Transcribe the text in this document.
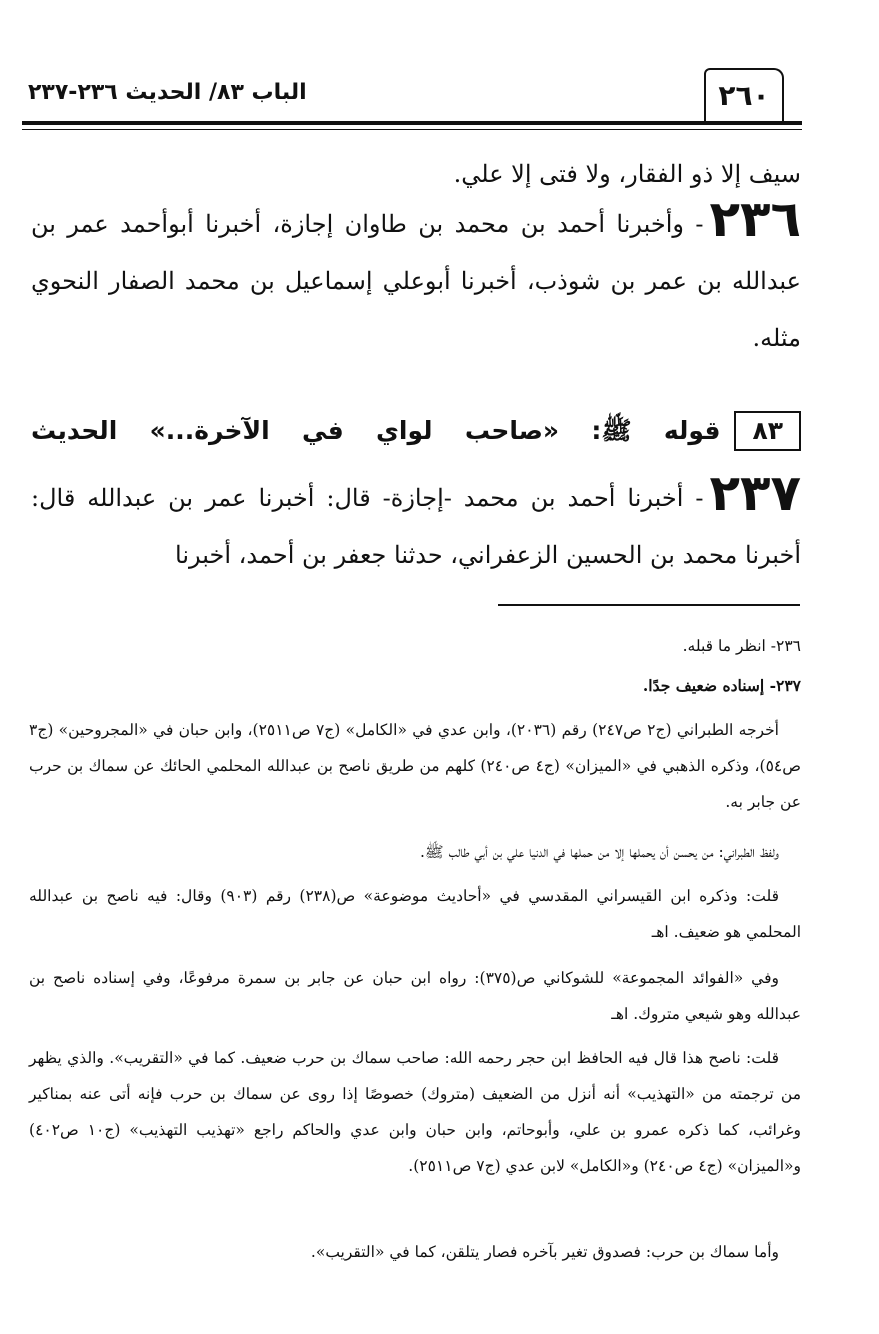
الباب ٨٣/ الحديث ٢٣٦-٢٣٧	٢٦٠
سيف إلا ذو الفقار، ولا فتى إلا علي.
٢٣٦- وأخبرنا أحمد بن محمد بن طاوان إجازة، أخبرنا أبوأحمد عمر بن عبدالله بن عمر بن شوذب، أخبرنا أبوعلي إسماعيل بن محمد الصفار النحوي مثله.
٨٣قوله ﷺ: «صاحب لواي في الآخرة...» الحديث
٢٣٧- أخبرنا أحمد بن محمد -إجازة- قال: أخبرنا عمر بن عبدالله قال: أخبرنا محمد بن الحسين الزعفراني، حدثنا جعفر بن أحمد، أخبرنا
٢٣٦- انظر ما قبله.
٢٣٧- إسناده ضعيف جدًا.
أخرجه الطبراني (ج٢ ص٢٤٧) رقم (٢٠٣٦)، وابن عدي في «الكامل» (ج٧ ص٢٥١١)، وابن حبان في «المجروحين» (ج٣ ص٥٤)، وذكره الذهبي في «الميزان» (ج٤ ص٢٤٠) كلهم من طريق ناصح بن عبدالله المحلمي الحائك عن سماك بن حرب عن جابر به.
ولفظ الطبراني: من يحسن أن يحملها إلا من حملها في الدنيا علي بن أبي طالب ﷺ.
قلت: وذكره ابن القيسراني المقدسي في «أحاديث موضوعة» ص(٢٣٨) رقم (٩٠٣) وقال: فيه ناصح بن عبدالله المحلمي هو ضعيف. اهـ
وفي «الفوائد المجموعة» للشوكاني ص(٣٧٥): رواه ابن حبان عن جابر بن سمرة مرفوعًا، وفي إسناده ناصح بن عبدالله وهو شيعي متروك. اهـ
قلت: ناصح هذا قال فيه الحافظ ابن حجر رحمه الله: صاحب سماك بن حرب ضعيف. كما في «التقريب». والذي يظهر من ترجمته من «التهذيب» أنه أنزل من الضعيف (متروك) خصوصًا إذا روى عن سماك بن حرب فإنه أتى عنه بمناكير وغرائب، كما ذكره عمرو بن علي، وأبوحاتم، وابن حبان وابن عدي والحاكم راجع «تهذيب التهذيب» (ج١٠ ص٤٠٢) و«الميزان» (ج٤ ص٢٤٠) و«الكامل» لابن عدي (ج٧ ص٢٥١١).
وأما سماك بن حرب: فصدوق تغير بآخره فصار يتلقن، كما في «التقريب».
